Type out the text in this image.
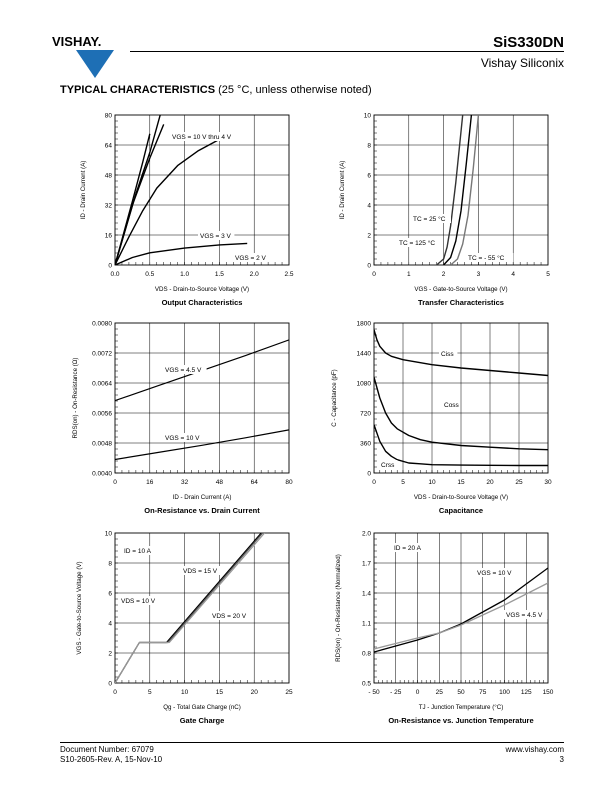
VISHAY.	SiS330DN
Vishay Siliconix
TYPICAL CHARACTERISTICS (25 °C, unless otherwise noted)
0.0	0.5	1.0	1.5	2.0	2.5
0
16
32
48
64
80
VDS - Drain-to-Source Voltage (V)
ID - Drain Current (A)
Output Characteristics
VGS = 10 V thru 4 V
VGS = 3 V
VGS = 2 V
0	1	2	3	4	5
0
2
4
6
8
10
VGS - Gate-to-Source Voltage (V)
ID - Drain Current (A)
Transfer Characteristics
TC = 25 °C
TC = 125 °C
TC = - 55 °C
0	16	32	48	64	80
0.0040
0.0048
0.0056
0.0064
0.0072
0.0080
ID - Drain Current (A)
RDS(on) - On-Resistance (Ω)
On-Resistance vs. Drain Current
VGS = 4.5 V
VGS = 10 V
0	5	10	15	20	25	30
0
360
720
1080
1440
1800
VDS - Drain-to-Source Voltage (V)
C - Capacitance (pF)
Capacitance
Ciss
Coss
Crss
0	5	10	15	20	25
0
2
4
6
8
10
Qg - Total Gate Charge (nC)
VGS - Gate-to-Source Voltage (V)
Gate Charge
ID = 10 A
VDS = 15 V
VDS = 10 V
VDS = 20 V
- 50 - 25 0	25 50 75 100 125 150
0.5
0.8
1.1
1.4
1.7
2.0
TJ - Junction Temperature (°C)
RDS(on) - On-Resistance (Normalized)
On-Resistance vs. Junction Temperature
ID = 20 A
VGS = 10 V
VGS = 4.5 V
Document Number: 67079
S10-2605-Rev. A, 15-Nov-10
www.vishay.com
3
